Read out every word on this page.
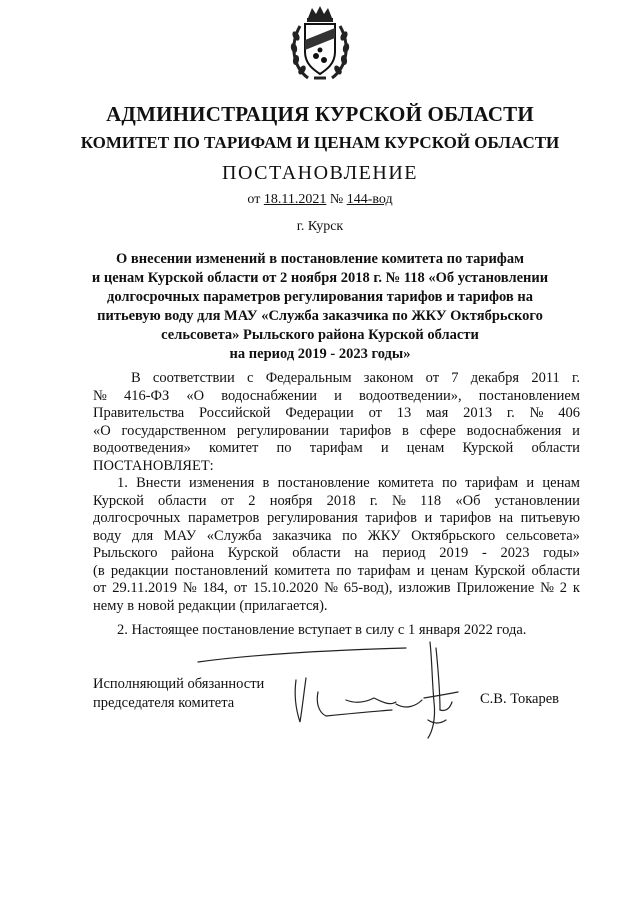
АДМИНИСТРАЦИЯ КУРСКОЙ ОБЛАСТИ
КОМИТЕТ ПО ТАРИФАМ И ЦЕНАМ КУРСКОЙ ОБЛАСТИ
ПОСТАНОВЛЕНИЕ
от 18.11.2021 № 144-вод
г. Курск
О внесении изменений в постановление комитета по тарифам
и ценам Курской области от 2 ноября 2018 г. № 118 «Об установлении
долгосрочных параметров регулирования тарифов и тарифов на
питьевую воду для МАУ «Служба заказчика по ЖКУ Октябрьского
сельсовета» Рыльского района Курской области
на период 2019 - 2023 годы»
В соответствии с Федеральным законом от 7 декабря 2011 г.
№ 416-ФЗ «О водоснабжении и водоотведении», постановлением
Правительства Российской Федерации от 13 мая 2013 г. № 406
«О государственном регулировании тарифов в сфере водоснабжения и
водоотведения» комитет по тарифам и ценам Курской области
ПОСТАНОВЛЯЕТ:
1. Внести изменения в постановление комитета по тарифам и ценам
Курской области от 2 ноября 2018 г. № 118 «Об установлении
долгосрочных параметров регулирования тарифов и тарифов на питьевую
воду для МАУ «Служба заказчика по ЖКУ Октябрьского сельсовета»
Рыльского района Курской области на период 2019 - 2023 годы»
(в редакции постановлений комитета по тарифам и ценам Курской области
от 29.11.2019 № 184, от 15.10.2020 № 65-вод), изложив Приложение № 2 к
нему в новой редакции (прилагается).
2. Настоящее постановление вступает в силу с 1 января 2022 года.
Исполняющий обязанности
председателя комитета	С.В. Токарев
